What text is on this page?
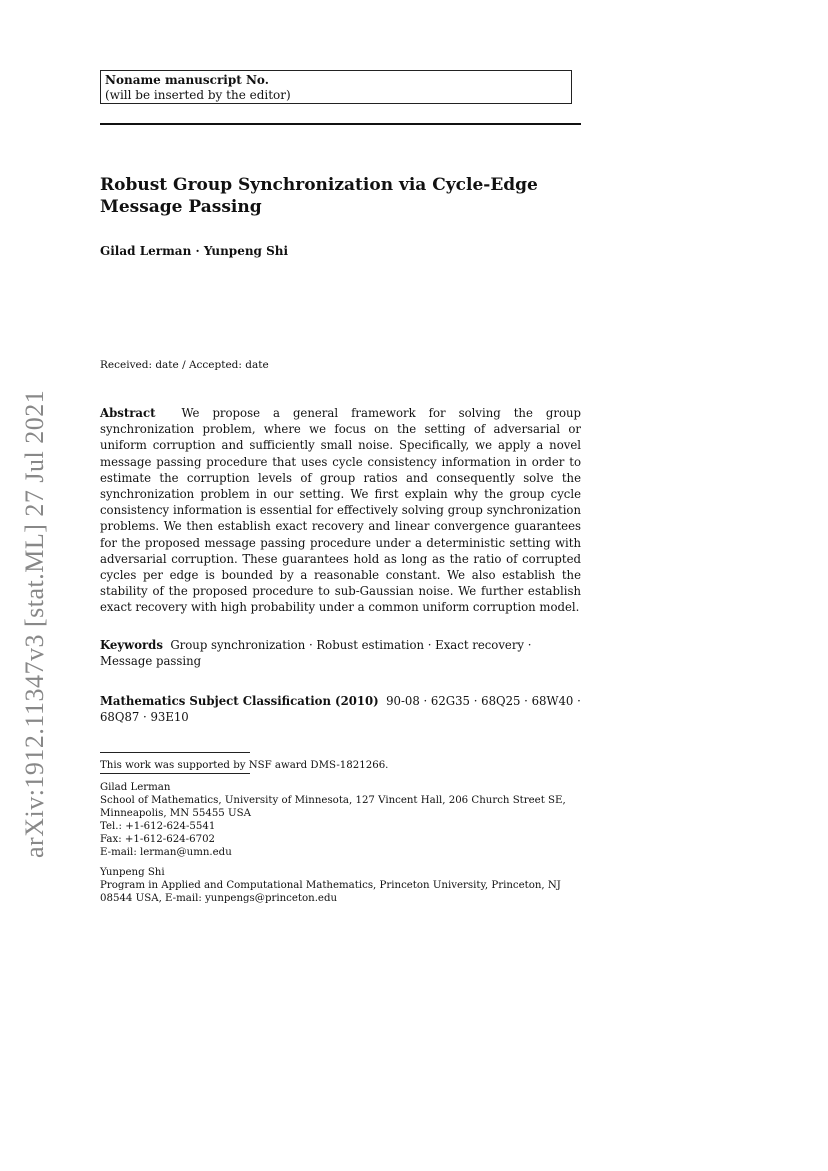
Noname manuscript No.
(will be inserted by the editor)
Robust Group Synchronization via Cycle-Edge Message Passing
Gilad Lerman · Yunpeng Shi
Received: date / Accepted: date
Abstract We propose a general framework for solving the group synchronization problem, where we focus on the setting of adversarial or uniform corruption and sufficiently small noise. Specifically, we apply a novel message passing procedure that uses cycle consistency information in order to estimate the corruption levels of group ratios and consequently solve the synchronization problem in our setting. We first explain why the group cycle consistency information is essential for effectively solving group synchronization problems. We then establish exact recovery and linear convergence guarantees for the proposed message passing procedure under a deterministic setting with adversarial corruption. These guarantees hold as long as the ratio of corrupted cycles per edge is bounded by a reasonable constant. We also establish the stability of the proposed procedure to sub-Gaussian noise. We further establish exact recovery with high probability under a common uniform corruption model.
Keywords Group synchronization · Robust estimation · Exact recovery · Message passing
Mathematics Subject Classification (2010) 90-08 · 62G35 · 68Q25 · 68W40 · 68Q87 · 93E10
This work was supported by NSF award DMS-1821266.
Gilad Lerman
School of Mathematics, University of Minnesota, 127 Vincent Hall, 206 Church Street SE, Minneapolis, MN 55455 USA
Tel.: +1-612-624-5541
Fax: +1-612-624-6702
E-mail: lerman@umn.edu
Yunpeng Shi
Program in Applied and Computational Mathematics, Princeton University, Princeton, NJ 08544 USA, E-mail: yunpengs@princeton.edu
arXiv:1912.11347v3 [stat.ML] 27 Jul 2021
